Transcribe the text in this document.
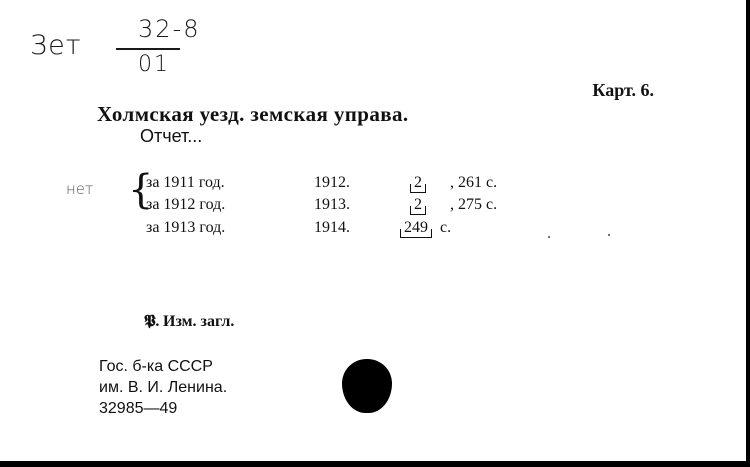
Зет
32-8
01
нет
Карт. 6.
Холмская уезд. земская управа.
Отчет...
{
за 1911 год.	1912.	2 , 261 с.
за 1912 год.	1913.	2 , 275 с.
за 1913 год.	1914.	249 с.
𝕻. Изм. загл.
Гос. б-ка СССР
им. В. И. Ленина.
32985—49
